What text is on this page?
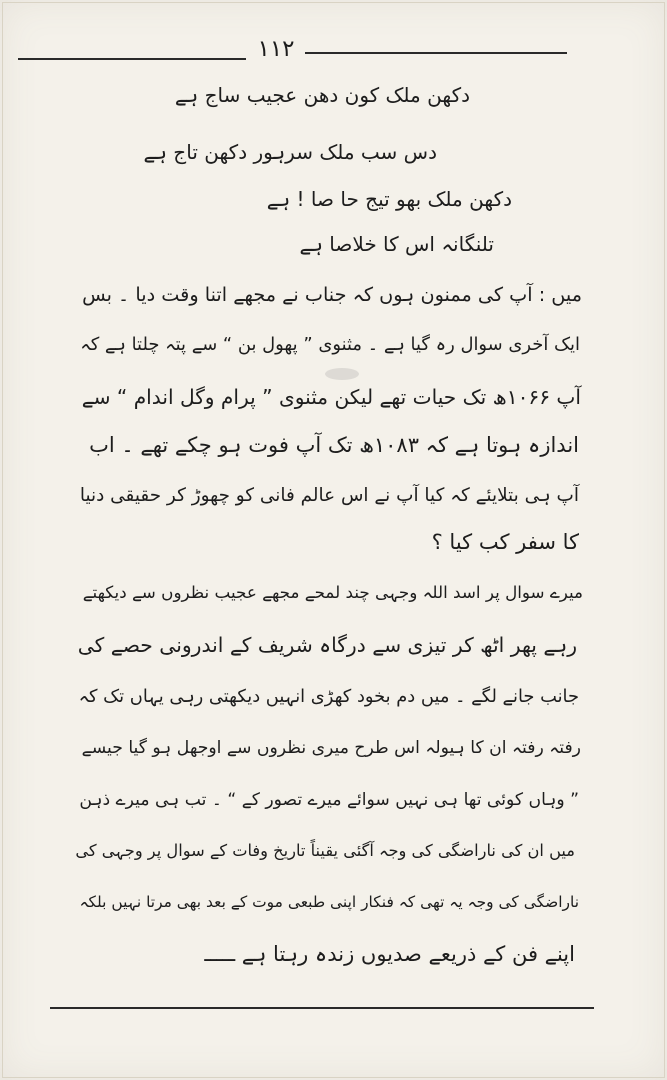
۱۱۲
دکھن ملک کون دھن عجیب ساج ہے
دس سب ملک سرہور دکھن تاج ہے
دکھن ملک بھو تیج حا صا ! ہے
تلنگانہ اس کا خلاصا ہے
میں : آپ کی ممنون ہوں کہ جناب نے مجھے اتنا وقت دیا ۔ بس
ایک آخری سوال رہ گیا ہے ۔ مثنوی ” پھول بن “ سے پتہ چلتا ہے کہ
آپ ۱۰۶۶ھ تک حیات تھے لیکن مثنوی ” پرام وگل اندام “ سے
اندازہ ہوتا ہے کہ ۱۰۸۳ھ تک آپ فوت ہو چکے تھے ۔ اب
آپ ہی بتلایئے کہ کیا آپ نے اس عالم فانی کو چھوڑ کر حقیقی دنیا
کا سفر کب کیا ؟
میرے سوال پر اسد اللہ وجہی چند لمحے مجھے عجیب نظروں سے دیکھتے
رہے پھر اٹھ کر تیزی سے درگاہ شریف کے اندرونی حصے کی
جانب جانے لگے ۔ میں دم بخود کھڑی انہیں دیکھتی رہی یہاں تک کہ
رفتہ رفتہ ان کا ہیولہ اس طرح میری نظروں سے اوجھل ہو گیا جیسے
” وہاں کوئی تھا ہی نہیں سوائے میرے تصور کے “ ۔ تب ہی میرے ذہن
میں ان کی ناراضگی کی وجہ آگئی یقیناً تاریخ وفات کے سوال پر وجہی کی
ناراضگی کی وجہ یہ تھی کہ فنکار اپنی طبعی موت کے بعد بھی مرتا نہیں بلکہ
اپنے فن کے ذریعے صدیوں زندہ رہتا ہے ـــــ
